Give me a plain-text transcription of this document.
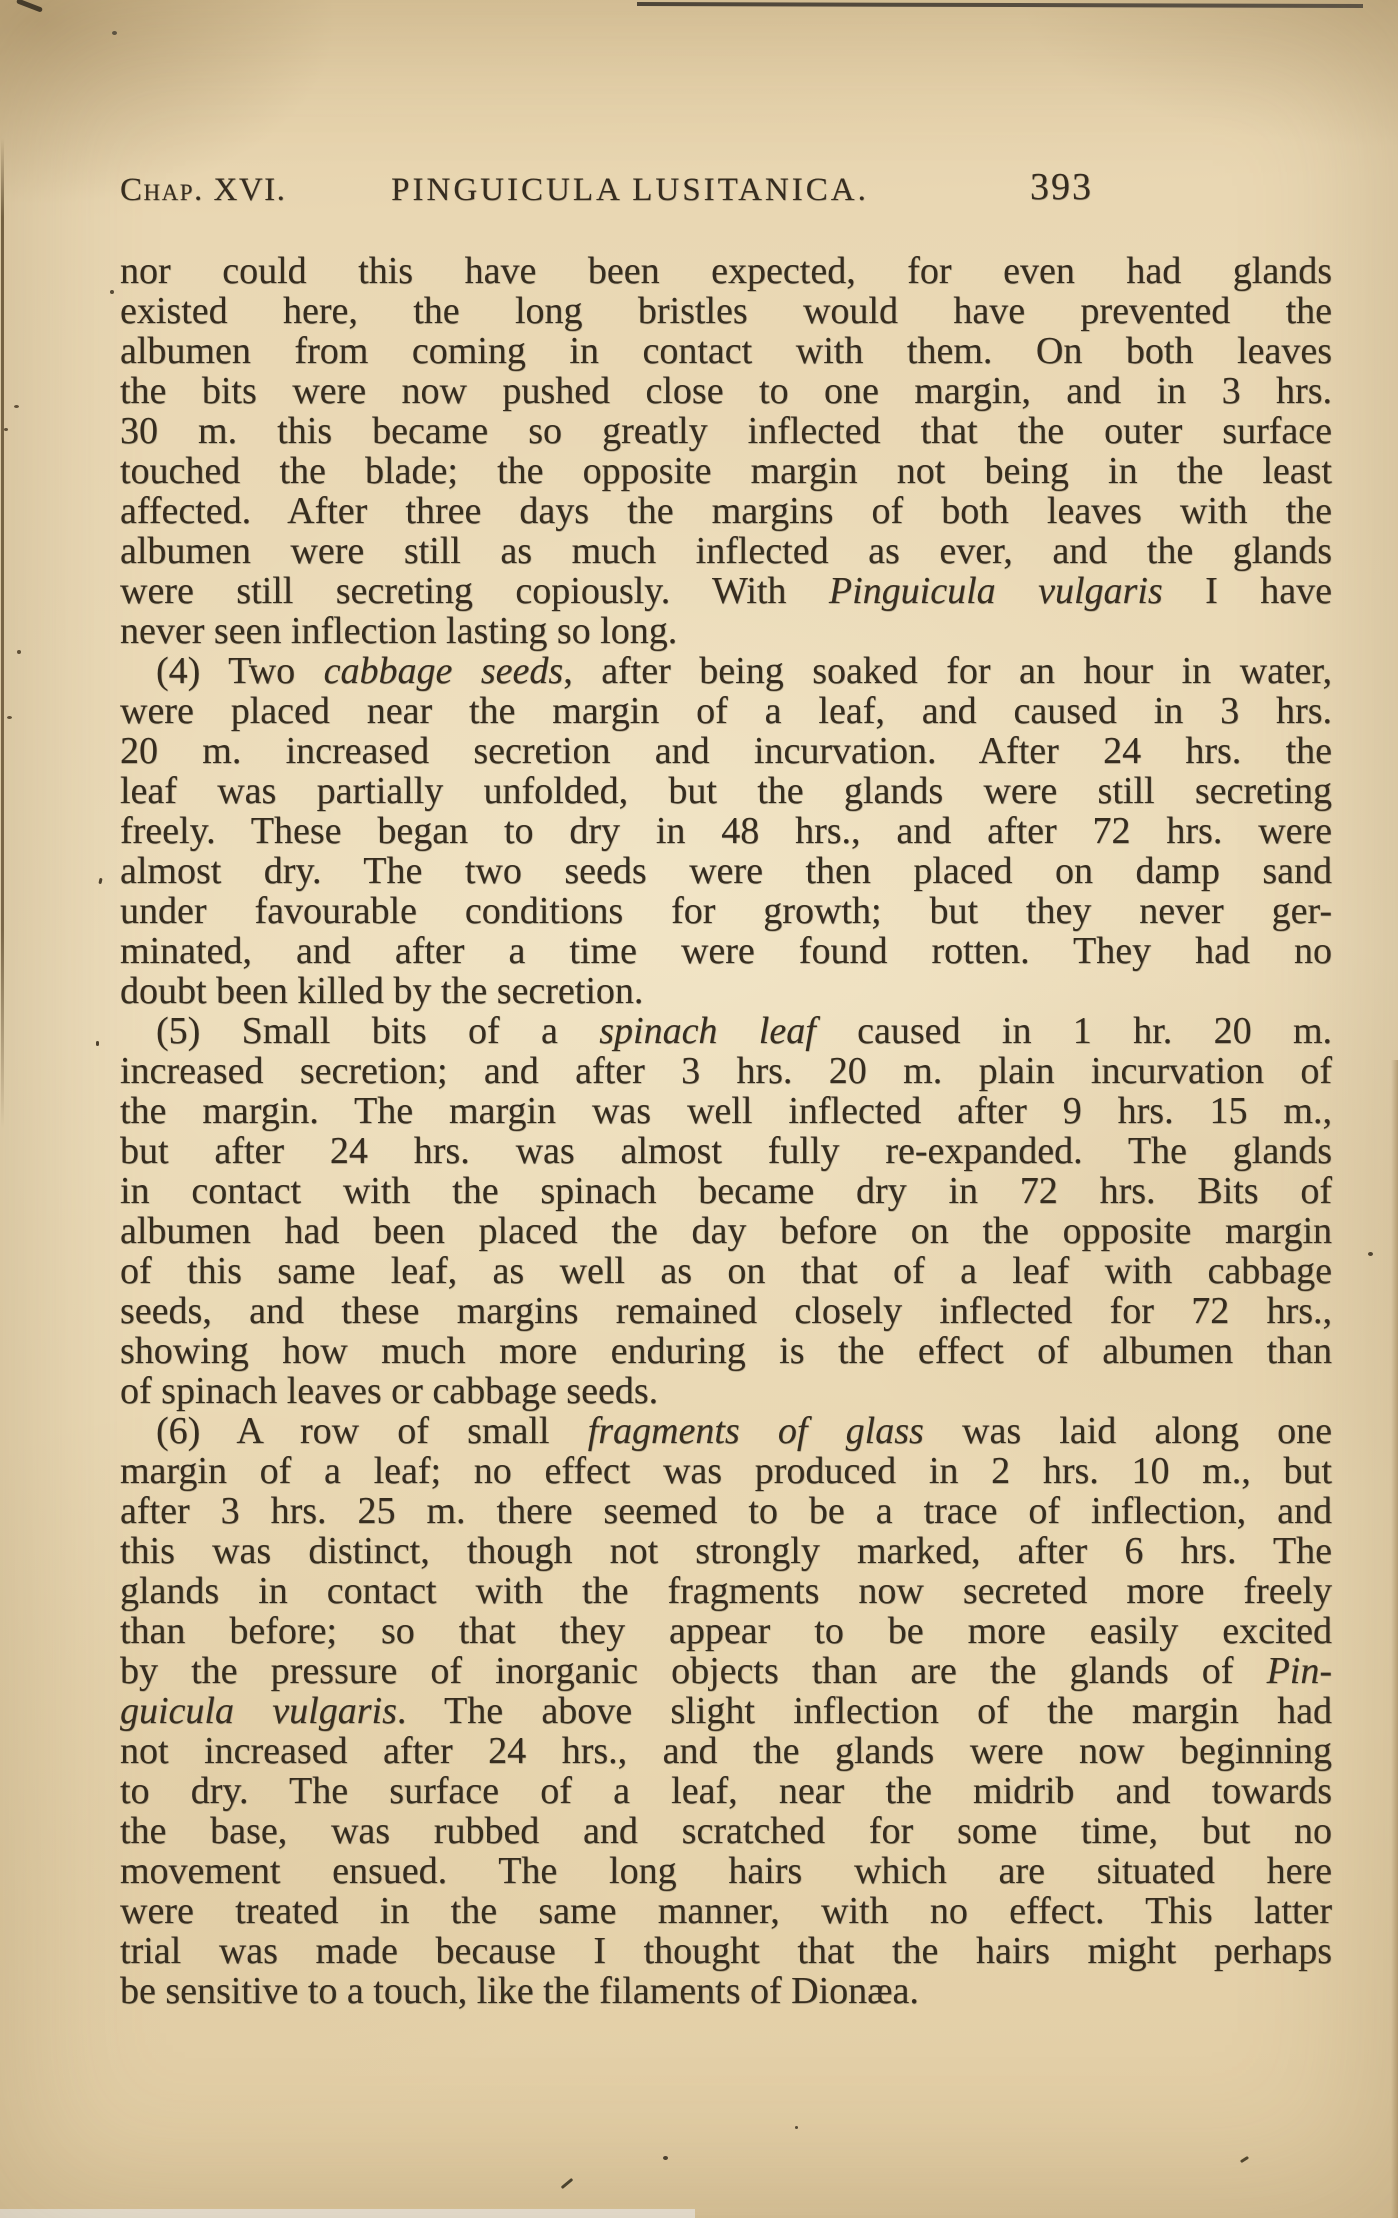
Chap. XVI.	PINGUICULA LUSITANICA.	393
nor could this have been expected, for even had glands
existed here, the long bristles would have prevented the
albumen from coming in contact with them. On both leaves
the bits were now pushed close to one margin, and in 3 hrs.
30 m. this became so greatly inflected that the outer surface
touched the blade; the opposite margin not being in the least
affected. After three days the margins of both leaves with the
albumen were still as much inflected as ever, and the glands
were still secreting copiously. With Pinguicula vulgaris I have
never seen inflection lasting so long.
(4) Two cabbage seeds, after being soaked for an hour in water,
were placed near the margin of a leaf, and caused in 3 hrs.
20 m. increased secretion and incurvation. After 24 hrs. the
leaf was partially unfolded, but the glands were still secreting
freely. These began to dry in 48 hrs., and after 72 hrs. were
almost dry. The two seeds were then placed on damp sand
under favourable conditions for growth; but they never ger-
minated, and after a time were found rotten. They had no
doubt been killed by the secretion.
(5) Small bits of a spinach leaf caused in 1 hr. 20 m.
increased secretion; and after 3 hrs. 20 m. plain incurvation of
the margin. The margin was well inflected after 9 hrs. 15 m.,
but after 24 hrs. was almost fully re-expanded. The glands
in contact with the spinach became dry in 72 hrs. Bits of
albumen had been placed the day before on the opposite margin
of this same leaf, as well as on that of a leaf with cabbage
seeds, and these margins remained closely inflected for 72 hrs.,
showing how much more enduring is the effect of albumen than
of spinach leaves or cabbage seeds.
(6) A row of small fragments of glass was laid along one
margin of a leaf; no effect was produced in 2 hrs. 10 m., but
after 3 hrs. 25 m. there seemed to be a trace of inflection, and
this was distinct, though not strongly marked, after 6 hrs. The
glands in contact with the fragments now secreted more freely
than before; so that they appear to be more easily excited
by the pressure of inorganic objects than are the glands of Pin-
guicula vulgaris. The above slight inflection of the margin had
not increased after 24 hrs., and the glands were now beginning
to dry. The surface of a leaf, near the midrib and towards
the base, was rubbed and scratched for some time, but no
movement ensued. The long hairs which are situated here
were treated in the same manner, with no effect. This latter
trial was made because I thought that the hairs might perhaps
be sensitive to a touch, like the filaments of Dionæa.
